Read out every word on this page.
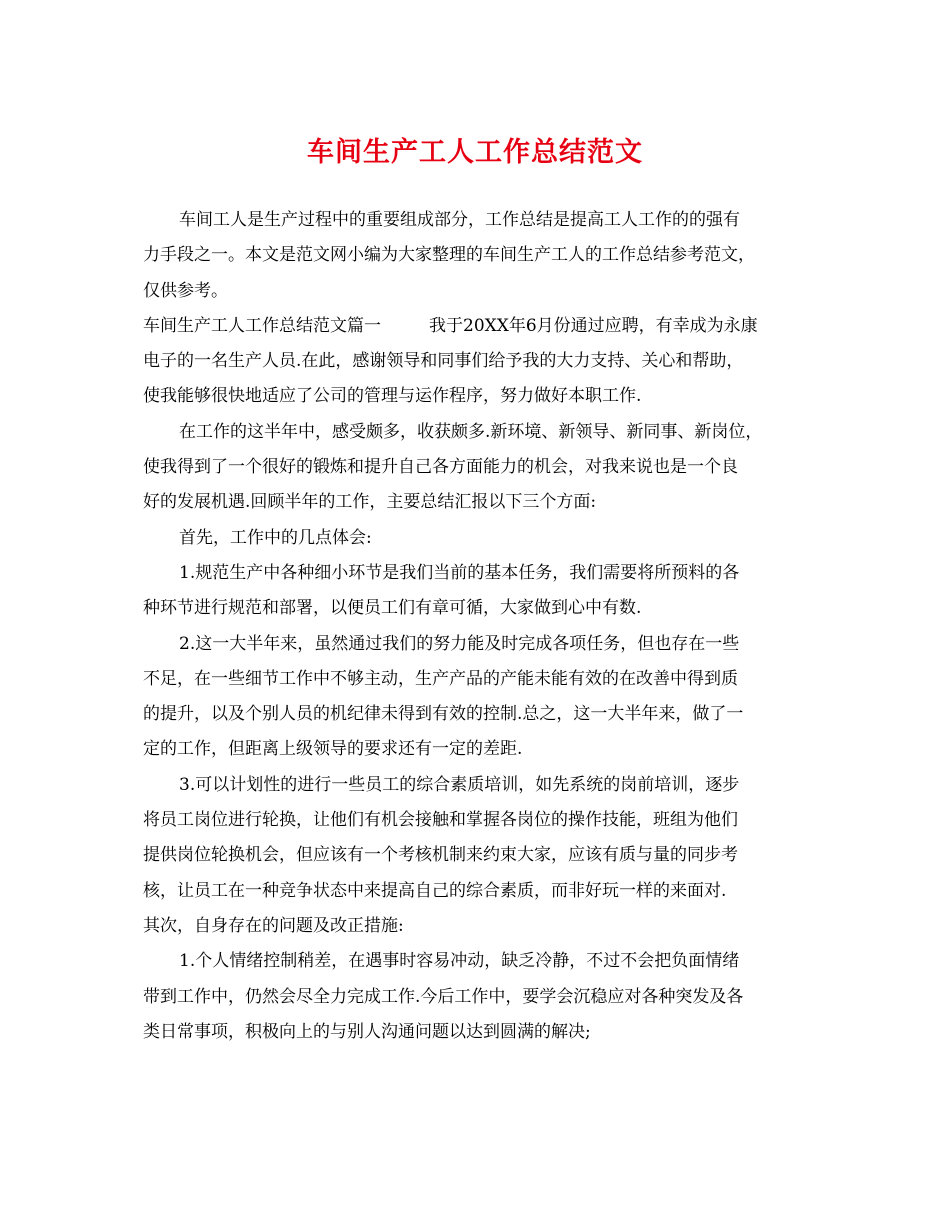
车间生产工人工作总结范文
车间工人是生产过程中的重要组成部分，工作总结是提高工人工作的的强有
力手段之一。本文是范文网小编为大家整理的车间生产工人的工作总结参考范文，
仅供参考。
车间生产工人工作总结范文篇一	我于20XX年6月份通过应聘，有幸成为永康
电子的一名生产人员.在此，感谢领导和同事们给予我的大力支持、关心和帮助，
使我能够很快地适应了公司的管理与运作程序，努力做好本职工作.
在工作的这半年中，感受颇多，收获颇多.新环境、新领导、新同事、新岗位，
使我得到了一个很好的锻炼和提升自己各方面能力的机会，对我来说也是一个良
好的发展机遇.回顾半年的工作，主要总结汇报以下三个方面:
首先，工作中的几点体会:
1.规范生产中各种细小环节是我们当前的基本任务，我们需要将所预料的各
种环节进行规范和部署，以便员工们有章可循，大家做到心中有数.
2.这一大半年来，虽然通过我们的努力能及时完成各项任务，但也存在一些
不足，在一些细节工作中不够主动，生产产品的产能未能有效的在改善中得到质
的提升，以及个别人员的机纪律未得到有效的控制.总之，这一大半年来，做了一
定的工作，但距离上级领导的要求还有一定的差距.
3.可以计划性的进行一些员工的综合素质培训，如先系统的岗前培训，逐步
将员工岗位进行轮换，让他们有机会接触和掌握各岗位的操作技能，班组为他们
提供岗位轮换机会，但应该有一个考核机制来约束大家，应该有质与量的同步考
核，让员工在一种竞争状态中来提高自己的综合素质，而非好玩一样的来面对.
其次，自身存在的问题及改正措施:
1.个人情绪控制稍差，在遇事时容易冲动，缺乏冷静，不过不会把负面情绪
带到工作中，仍然会尽全力完成工作.今后工作中，要学会沉稳应对各种突发及各
类日常事项，积极向上的与别人沟通问题以达到圆满的解决;
